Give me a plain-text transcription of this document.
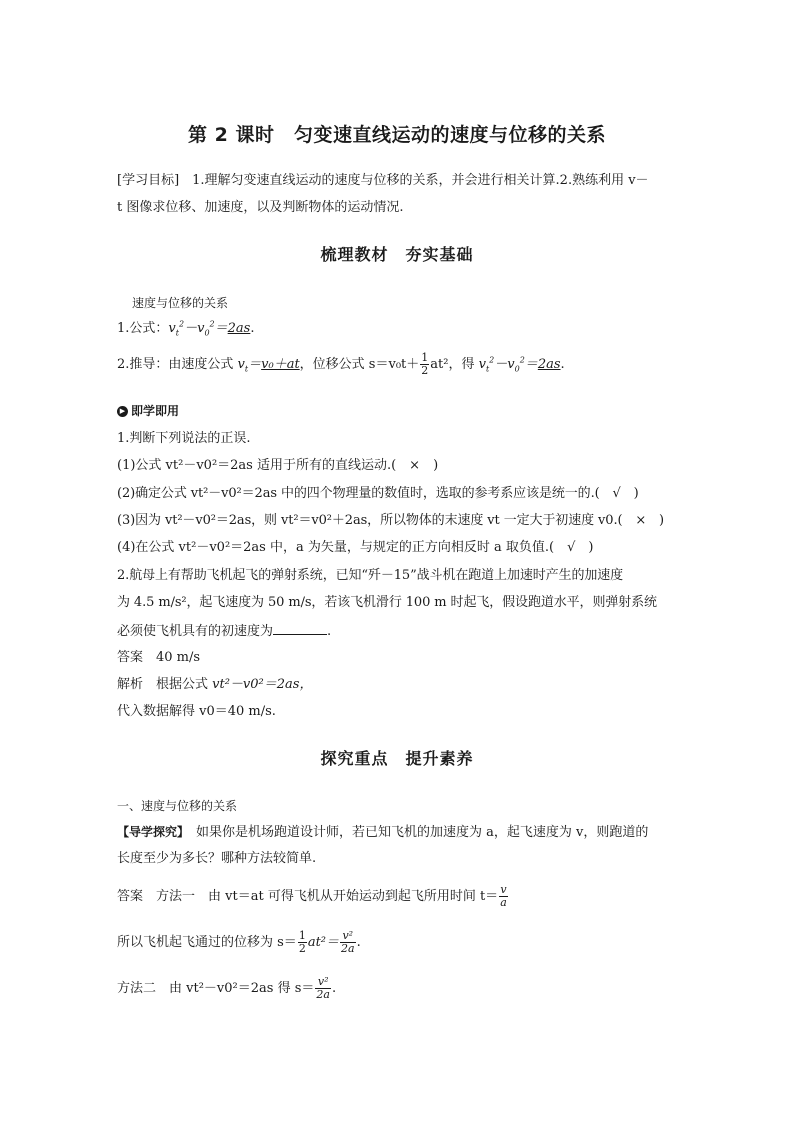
第 2 课时　匀变速直线运动的速度与位移的关系
[学习目标]　1.理解匀变速直线运动的速度与位移的关系，并会进行相关计算.2.熟练利用 v－
t 图像求位移、加速度，以及判断物体的运动情况.
梳理教材　夯实基础
速度与位移的关系
1.公式：$v_t^2-v_0^2=2as$.
2.推导：由速度公式 $v_t=v_0+at$，位移公式 $s=v_0t+ \frac{1}{2} at^2$，得 $v_t^2-v_0^2=2as$.
▶ 即学即用
1.判断下列说法的正误.
(1)公式 vt²－v0²＝2as 适用于所有的直线运动.(　×　)
(2)确定公式 vt²－v0²＝2as 中的四个物理量的数值时，选取的参考系应该是统一的.(　√　)
(3)因为 vt²－v0²＝2as，则 vt²＝v0²＋2as，所以物体的末速度 vt 一定大于初速度 v0.(　×　)
(4)在公式 vt²－v0²＝2as 中，a 为矢量，与规定的正方向相反时 a 取负值.(　√　)
2.航母上有帮助飞机起飞的弹射系统，已知“歼－15”战斗机在跑道上加速时产生的加速度
为 4.5 m/s²，起飞速度为 50 m/s，若该飞机滑行 100 m 时起飞，假设跑道水平，则弹射系统
必须使飞机具有的初速度为	.
答案　40 m/s
解析　根据公式 vt²－v0²＝2as，
代入数据解得 v0＝40 m/s.
探究重点　提升素养
一、速度与位移的关系
【导学探究】　如果你是机场跑道设计师，若已知飞机的加速度为 a，起飞速度为 v，则跑道的
长度至少为多长？哪种方法较简单.
答案　方法一　由 vt＝at 可得飞机从开始运动到起飞所用时间 $t= \frac{v}{a}$
所以飞机起飞通过的位移为 $s= \frac{1}{2} at^2= \frac{\text{v²}}{2a}$ .
方法二　由 vt²－v0²＝2as 得 $s= \frac{\text{v²}}{2a}$ .
